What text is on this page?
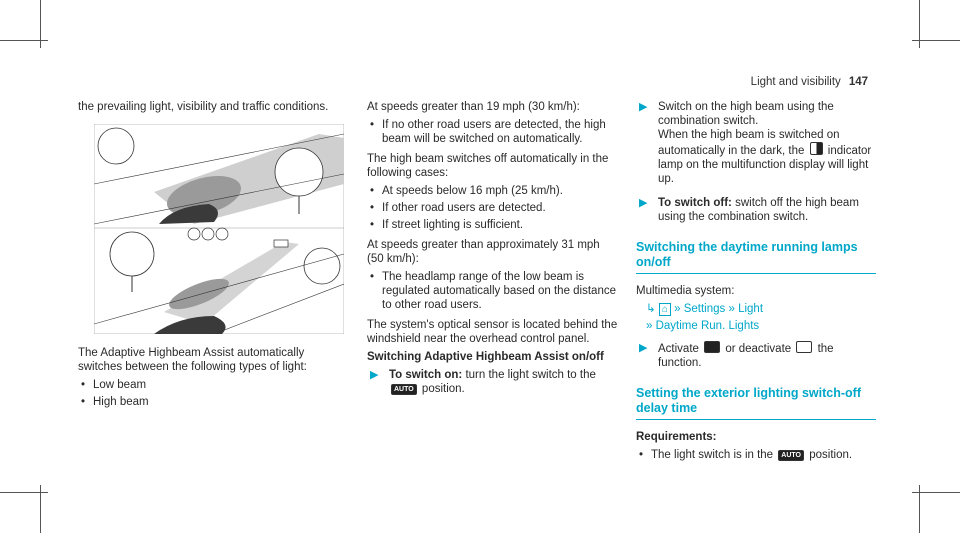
Light and visibility 147

the prevailing light, visibility and traffic conditions.

The Adaptive Highbeam Assist automatically switches between the following types of light:

• Low beam
• High beam

At speeds greater than 19 mph (30 km/h):

• If no other road users are detected, the high beam will be switched on automatically.

The high beam switches off automatically in the following cases:

• At speeds below 16 mph (25 km/h).
• If other road users are detected.
• If street lighting is sufficient.

At speeds greater than approximately 31 mph (50 km/h):

• The headlamp range of the low beam is regulated automatically based on the distance to other road users.

The system's optical sensor is located behind the windshield near the overhead control panel.

Switching Adaptive Highbeam Assist on/off

▶ To switch on: turn the light switch to the AUTO position.
▶ Switch on the high beam using the combination switch.
When the high beam is switched on automatically in the dark, the indicator lamp on the multifunction display will light up.
▶ To switch off: switch off the high beam using the combination switch.
Switching the daytime running lamps on/off

Multimedia system:

↳ ⌂ » Settings » Light
» Daytime Run. Lights
▶ Activate or deactivate the function.
Setting the exterior lighting switch-off delay time

Requirements:

• The light switch is in the AUTO position.
